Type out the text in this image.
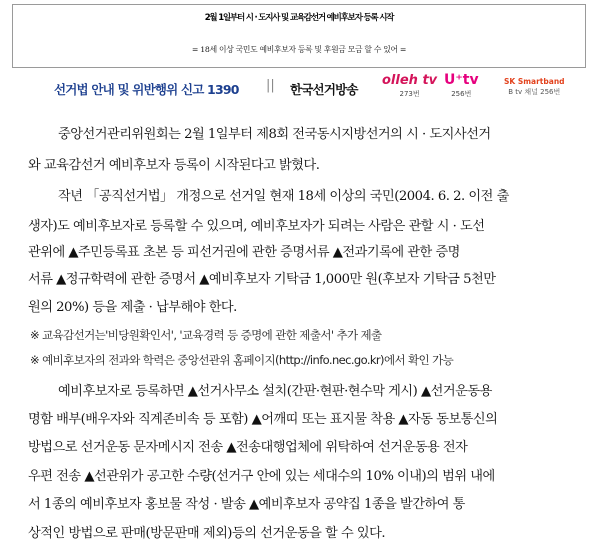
2월 1일부터 시 · 도지사 및 교육감선거 예비후보자 등록 시작
= 18세 이상 국민도 예비후보자 등록 및 후원금 모금 할 수 있어 =
선거법 안내 및 위반행위 신고 1390 || 한국선거방송
olleh tv
273번
U⁺tv
256번
SK Smartband
B tv 채널 256번
중앙선거관리위원회는 2월 1일부터 제8회 전국동시지방선거의 시 · 도지사선거
와 교육감선거 예비후보자 등록이 시작된다고 밝혔다.
작년 「공직선거법」 개정으로 선거일 현재 18세 이상의 국민(2004. 6. 2. 이전 출
생자)도 예비후보자로 등록할 수 있으며, 예비후보자가 되려는 사람은 관할 시 · 도선
관위에 ▲주민등록표 초본 등 피선거권에 관한 증명서류 ▲전과기록에 관한 증명
서류 ▲정규학력에 관한 증명서 ▲예비후보자 기탁금 1,000만 원(후보자 기탁금 5천만
원의 20%) 등을 제출 · 납부해야 한다.
※ 교육감선거는'비당원확인서', '교육경력 등 증명에 관한 제출서' 추가 제출
※ 예비후보자의 전과와 학력은 중앙선관위 홈페이지(http://info.nec.go.kr)에서 확인 가능
예비후보자로 등록하면 ▲선거사무소 설치(간판·현판·현수막 게시) ▲선거운동용
명함 배부(배우자와 직계존비속 등 포함) ▲어깨띠 또는 표지물 착용 ▲자동 동보통신의
방법으로 선거운동 문자메시지 전송 ▲전송대행업체에 위탁하여 선거운동용 전자
우편 전송 ▲선관위가 공고한 수량(선거구 안에 있는 세대수의 10% 이내)의 범위 내에
서 1종의 예비후보자 홍보물 작성 · 발송 ▲예비후보자 공약집 1종을 발간하여 통
상적인 방법으로 판매(방문판매 제외)등의 선거운동을 할 수 있다.
